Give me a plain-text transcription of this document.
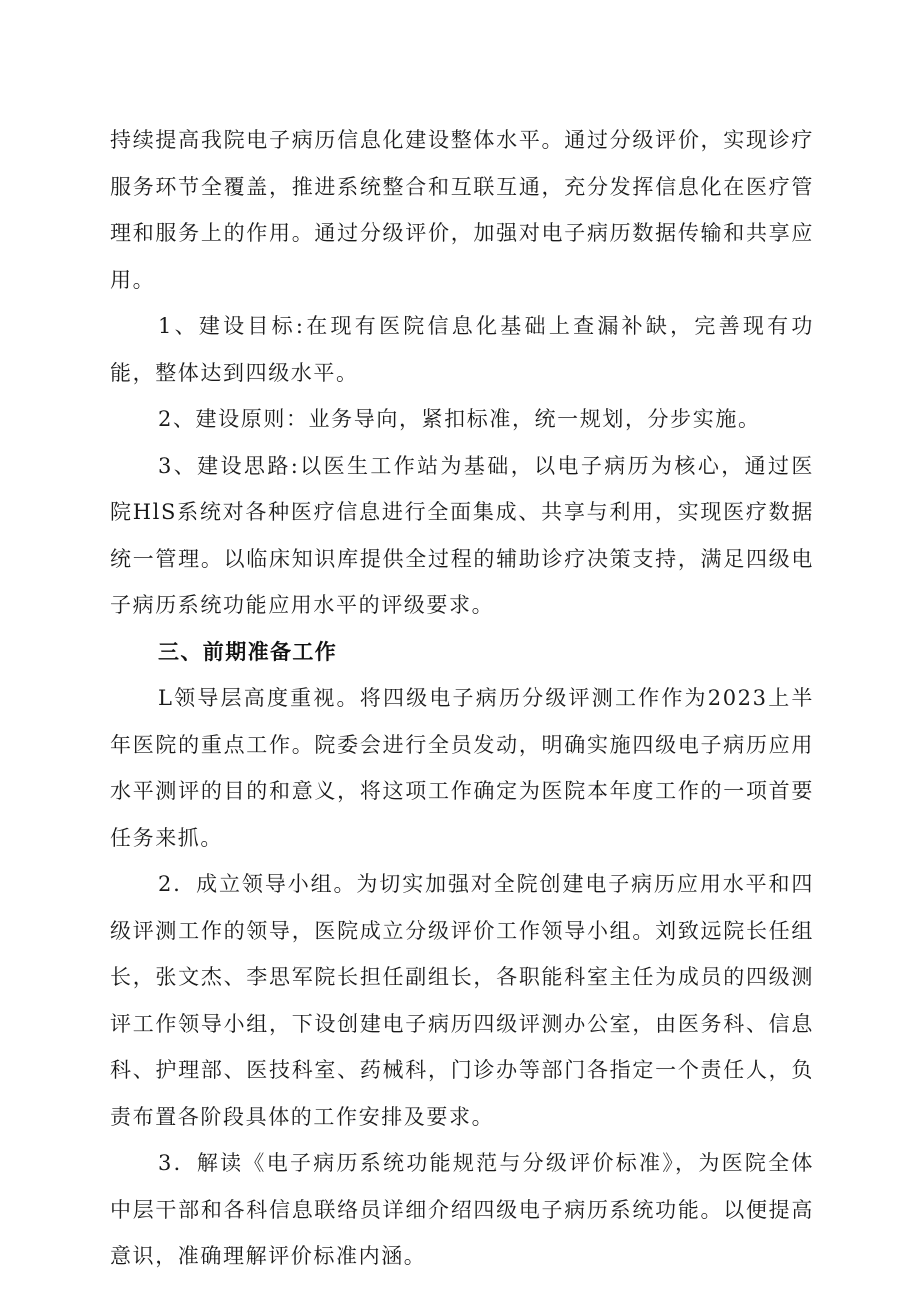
持续提高我院电子病历信息化建设整体水平。通过分级评价，实现诊疗服务环节全覆盖，推进系统整合和互联互通，充分发挥信息化在医疗管理和服务上的作用。通过分级评价，加强对电子病历数据传输和共享应用。

1、建设目标:在现有医院信息化基础上查漏补缺，完善现有功能，整体达到四级水平。

2、建设原则：业务导向，紧扣标准，统一规划，分步实施。

3、建设思路:以医生工作站为基础，以电子病历为核心，通过医院HlS系统对各种医疗信息进行全面集成、共享与利用，实现医疗数据统一管理。以临床知识库提供全过程的辅助诊疗决策支持，满足四级电子病历系统功能应用水平的评级要求。

三、前期准备工作

L领导层高度重视。将四级电子病历分级评测工作作为2023上半年医院的重点工作。院委会进行全员发动，明确实施四级电子病历应用水平测评的目的和意义，将这项工作确定为医院本年度工作的一项首要任务来抓。

2．成立领导小组。为切实加强对全院创建电子病历应用水平和四级评测工作的领导，医院成立分级评价工作领导小组。刘致远院长任组长，张文杰、李思军院长担任副组长，各职能科室主任为成员的四级测评工作领导小组，下设创建电子病历四级评测办公室，由医务科、信息科、护理部、医技科室、药械科，门诊办等部门各指定一个责任人，负责布置各阶段具体的工作安排及要求。

3．解读《电子病历系统功能规范与分级评价标准》，为医院全体中层干部和各科信息联络员详细介绍四级电子病历系统功能。以便提高意识，准确理解评价标准内涵。
